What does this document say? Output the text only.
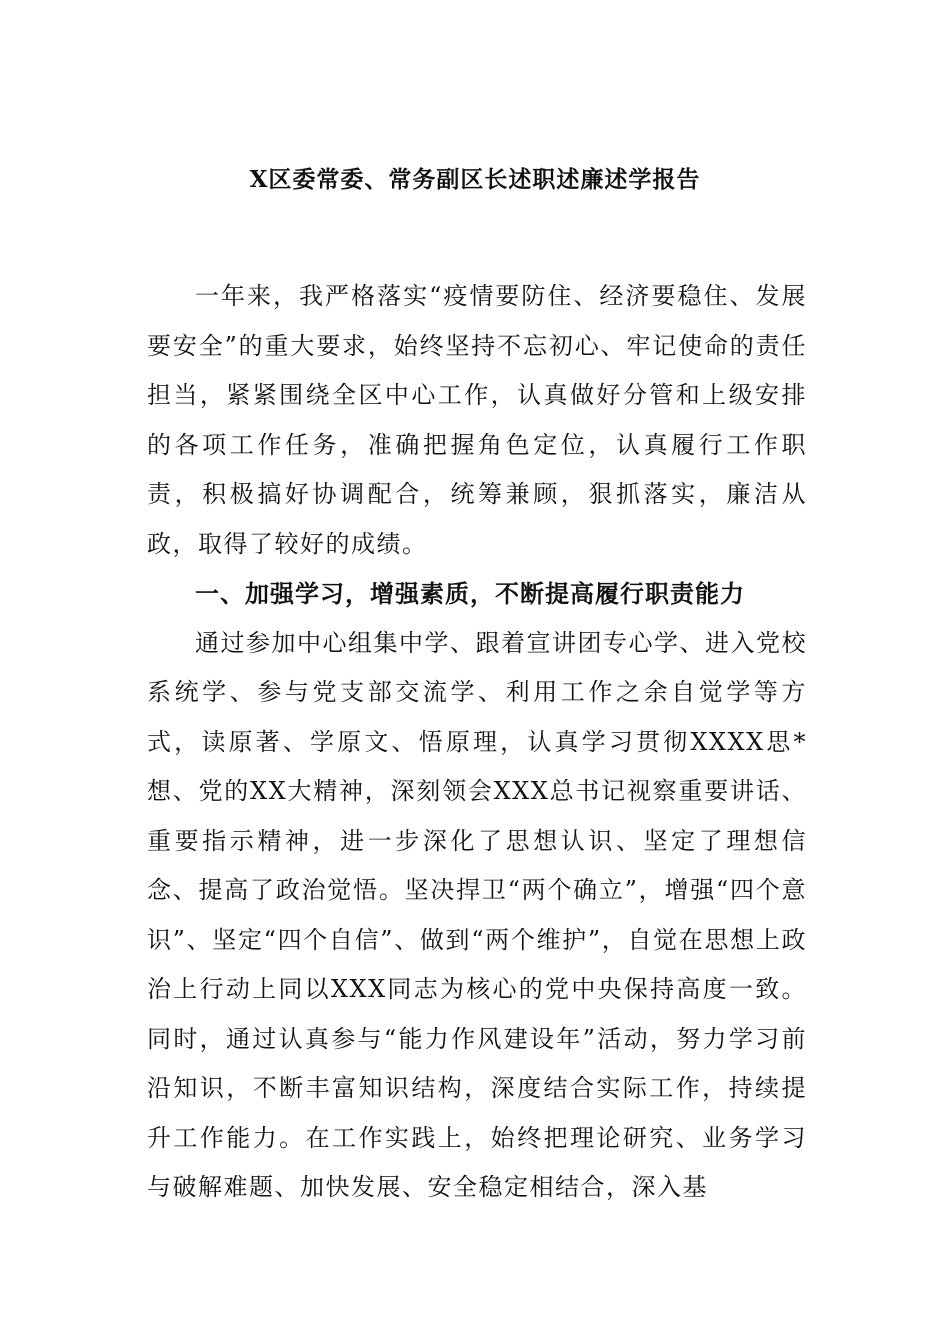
X区委常委、常务副区长述职述廉述学报告

一年来，我严格落实“疫情要防住、经济要稳住、发展要安全”的重大要求，始终坚持不忘初心、牢记使命的责任担当，紧紧围绕全区中心工作，认真做好分管和上级安排的各项工作任务，准确把握角色定位，认真履行工作职责，积极搞好协调配合，统筹兼顾，狠抓落实，廉洁从政，取得了较好的成绩。

一、加强学习，增强素质，不断提高履行职责能力

通过参加中心组集中学、跟着宣讲团专心学、进入党校系统学、参与党支部交流学、利用工作之余自觉学等方式，读原著、学原文、悟原理，认真学习贯彻XXXX思*想、党的XX大精神，深刻领会XXX总书记视察重要讲话、重要指示精神，进一步深化了思想认识、坚定了理想信念、提高了政治觉悟。坚决捍卫“两个确立”，增强“四个意识”、坚定“四个自信”、做到“两个维护”，自觉在思想上政治上行动上同以XXX同志为核心的党中央保持高度一致。同时，通过认真参与“能力作风建设年”活动，努力学习前沿知识，不断丰富知识结构，深度结合实际工作，持续提升工作能力。在工作实践上，始终把理论研究、业务学习与破解难题、加快发展、安全稳定相结合，深入基
